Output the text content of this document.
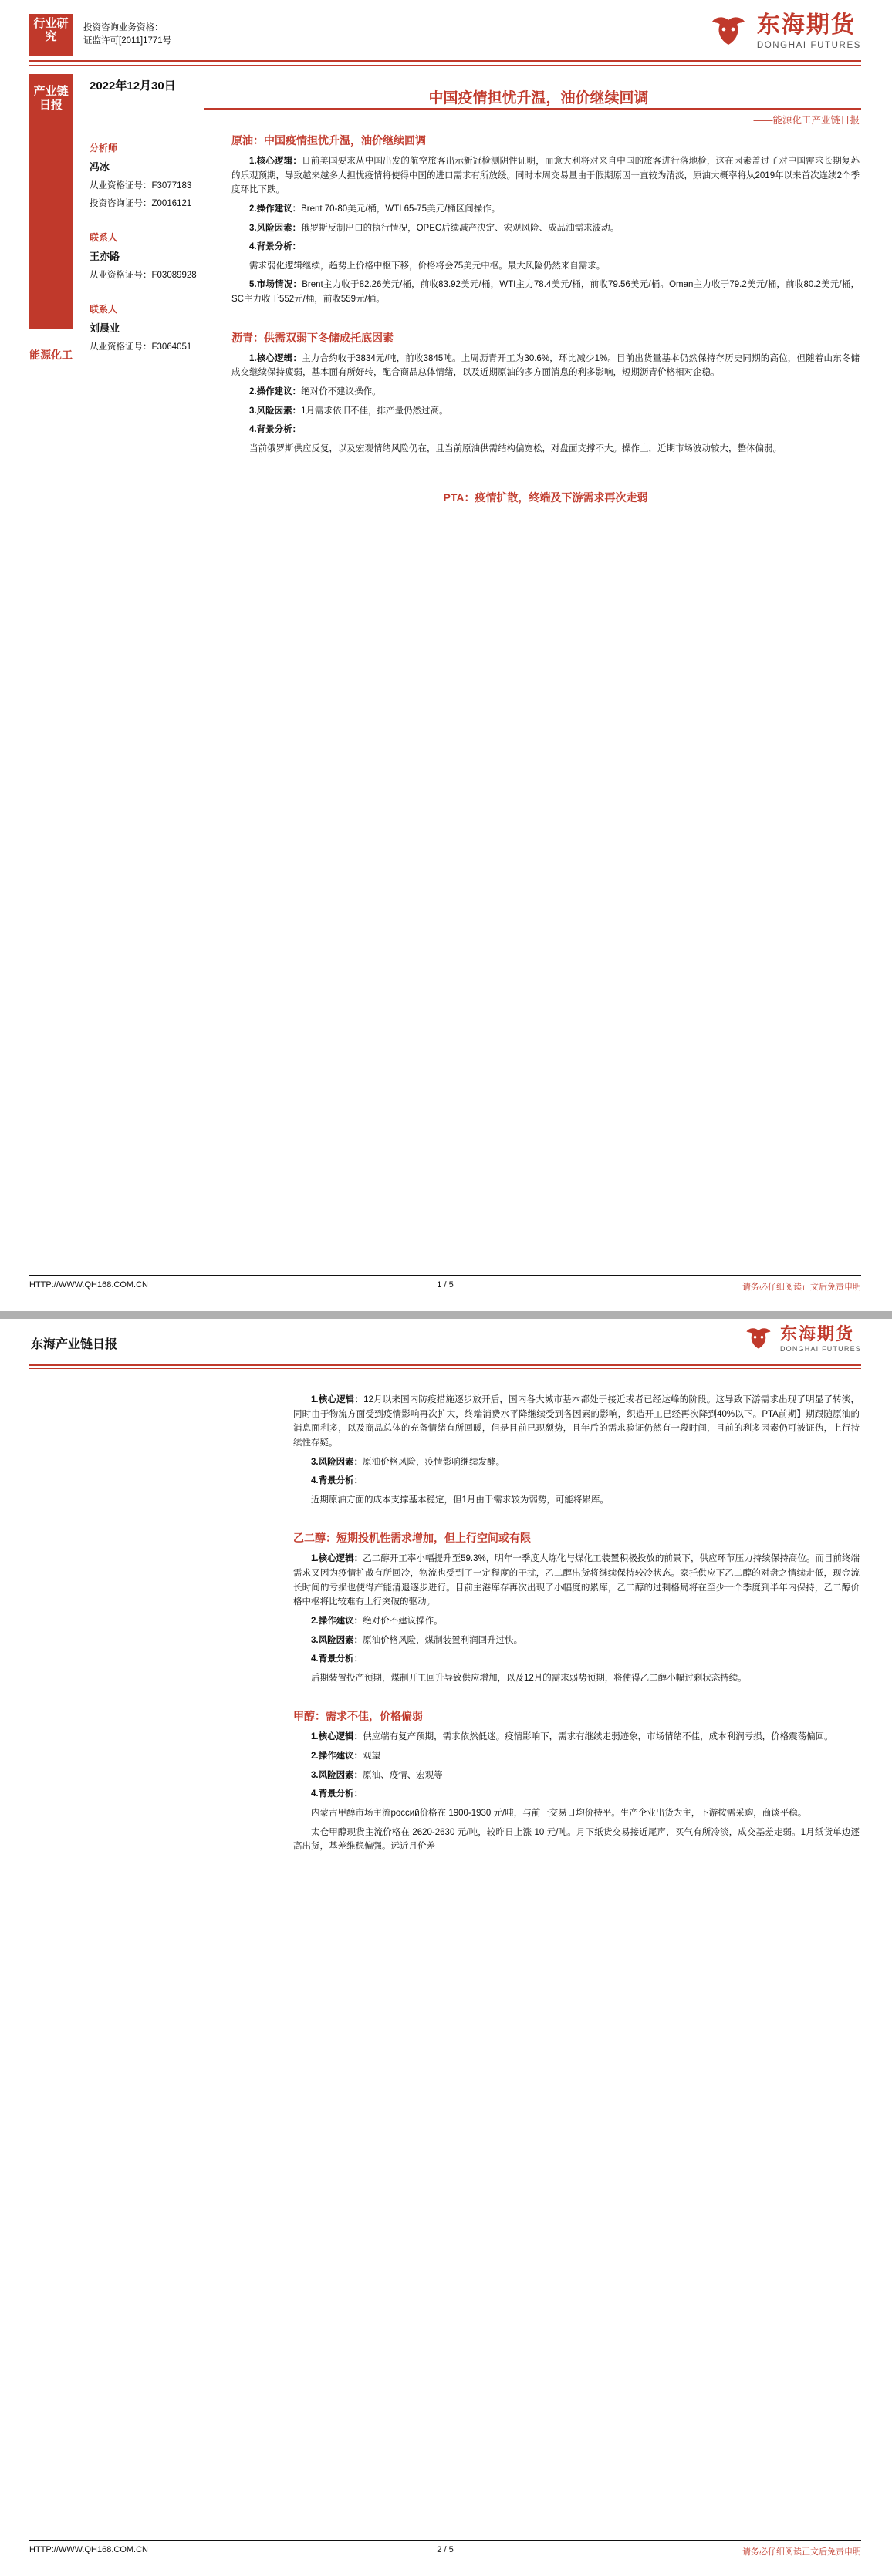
行业研究
投资咨询业务资格：
证监许可[2011]1771号
东海期货
DONGHAI FUTURES
产业链日报
能源化工
2022年12月30日
中国疫情担忧升温，油价继续回调
——能源化工产业链日报
分析师
冯冰
从业资格证号：F3077183
投资咨询证号：Z0016121
联系人
王亦路
从业资格证号：F03089928
联系人
刘晨业
从业资格证号：F3064051
原油：中国疫情担忧升温，油价继续回调

1.核心逻辑：日前美国要求从中国出发的航空旅客出示新冠检测阴性证明，而意大利将对来自中国的旅客进行落地检，这在因素盖过了对中国需求长期复苏的乐观预期，导致越来越多人担忧疫情将使得中国的进口需求有所放缓。同时本周交易量由于假期原因一直较为清淡，原油大概率将从2019年以来首次连续2个季度环比下跌。

2.操作建议：Brent 70-80美元/桶，WTI 65-75美元/桶区间操作。

3.风险因素：俄罗斯反制出口的执行情况，OPEC后续减产决定、宏观风险、成品油需求波动。

4.背景分析：

需求弱化逻辑继续，趋势上价格中枢下移，价格将会75美元中枢。最大风险仍然来自需求。

5.市场情况：Brent主力收于82.26美元/桶，前收83.92美元/桶，WTI主力78.4美元/桶，前收79.56美元/桶。Oman主力收于79.2美元/桶，前收80.2美元/桶，SC主力收于552元/桶，前收559元/桶。

沥青：供需双弱下冬储成托底因素

1.核心逻辑：主力合约收于3834元/吨，前收3845吨。上周沥青开工为30.6%，环比减少1%。目前出货量基本仍然保持存历史同期的高位，但随着山东冬储成交继续保持疲弱，基本面有所好转，配合商品总体情绪，以及近期原油的多方面消息的利多影响，短期沥青价格相对企稳。

2.操作建议：绝对价不建议操作。

3.风险因素：1月需求依旧不佳，排产量仍然过高。

4.背景分析：

当前俄罗斯供应反复，以及宏观情绪风险仍在，且当前原油供需结构偏宽松，对盘面支撑不大。操作上，近期市场波动较大，整体偏弱。

PTA：疫情扩散，终端及下游需求再次走弱
HTTP://WWW.QH168.COM.CN	1 / 5	请务必仔细阅读正文后免责申明
东海产业链日报
东海期货
DONGHAI FUTURES

1.核心逻辑：12月以来国内防疫措施逐步放开后，国内各大城市基本都处于接近或者已经达峰的阶段。这导致下游需求出现了明显了转淡，同时由于物流方面受到疫情影响再次扩大，终端消费水平降继续受到各因素的影响，织造开工已经再次降到40%以下。PTA前期】期跟随原油的消息面利多，以及商品总体的充备情绪有所回暖，但是目前已现颓势，且年后的需求验证仍然有一段时间，目前的利多因素仍可被证伪，上行持续性存疑。

3.风险因素：原油价格风险，疫情影响继续发酵。

4.背景分析：

近期原油方面的成本支撑基本稳定，但1月由于需求较为弱势，可能将累库。

乙二醇：短期投机性需求增加，但上行空间或有限

1.核心逻辑：乙二醇开工率小幅提升至59.3%，明年一季度大炼化与煤化工装置积极投放的前景下，供应环节压力持续保持高位。而目前终端需求又因为疫情扩散有所回冷，物流也受到了一定程度的干扰，乙二醇出货将继续保持较冷状态。家托供应下乙二醇的对盘之情续走低，现金流长时间的亏损也使得产能清退逐步进行。目前主港库存再次出现了小幅度的累库，乙二醇的过剩格局将在至少一个季度到半年内保持，乙二醇价格中枢将比较难有上行突破的驱动。

2.操作建议：绝对价不建议操作。

3.风险因素：原油价格风险，煤制装置利润回升过快。

4.背景分析：

后期装置投产预期，煤制开工回升导致供应增加，以及12月的需求弱势预期，将使得乙二醇小幅过剩状态持续。

甲醇：需求不佳，价格偏弱

1.核心逻辑：供应端有复产预期，需求依然低迷。疫情影响下，需求有继续走弱迹象，市场情绪不佳，成本利润亏损，价格震荡偏回。

2.操作建议：观望

3.风险因素：原油、疫情、宏观等

4.背景分析：

内蒙古甲醇市场主流россий价格在 1900-1930 元/吨，与前一交易日均价持平。生产企业出货为主，下游按需采购，商谈平稳。

太仓甲醇现货主流价格在 2620-2630 元/吨，较昨日上涨 10 元/吨。月下纸货交易接近尾声，买气有所冷淡，成交基差走弱。1月纸货单边逐高出货，基差维稳偏强。远近月价差

HTTP://WWW.QH168.COM.CN	2 / 5	请务必仔细阅读正文后免责申明
